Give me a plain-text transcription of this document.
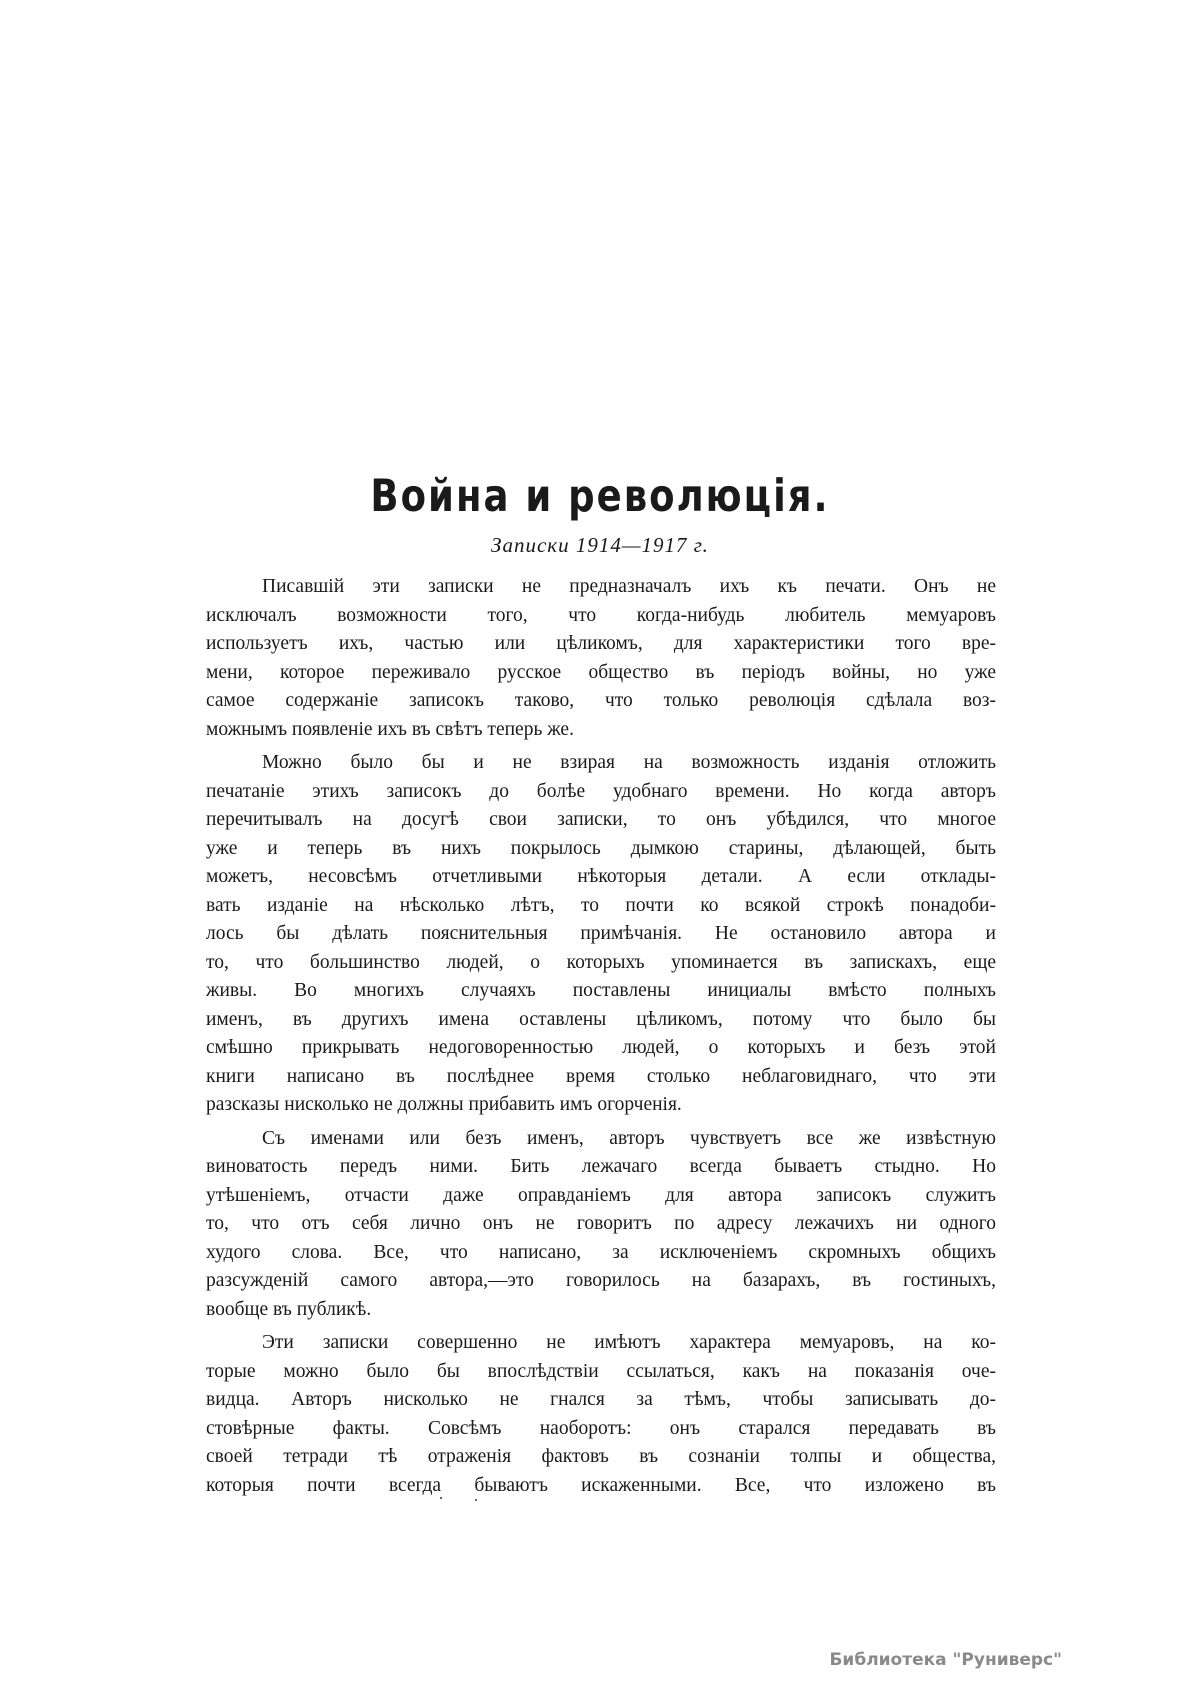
Война и революція.

Записки 1914—1917 г.

Писавшій эти записки не предназначалъ ихъ къ печати. Онъ не
исключалъ возможности того, что когда-нибудь любитель мемуаровъ
используетъ ихъ, частью или цѣликомъ, для характеристики того вре-
мени, которое переживало русское общество въ періодъ войны, но уже
самое содержаніе записокъ таково, что только революція сдѣлала воз-
можнымъ появленіе ихъ въ свѣтъ теперь же.

Можно было бы и не взирая на возможность изданія отложить
печатаніе этихъ записокъ до болѣе удобнаго времени. Но когда авторъ
перечитывалъ на досугѣ свои записки, то онъ убѣдился, что многое
уже и теперь въ нихъ покрылось дымкою старины, дѣлающей, быть
можетъ, несовсѣмъ отчетливыми нѣкоторыя детали. А если отклады-
вать изданіе на нѣсколько лѣтъ, то почти ко всякой строкѣ понадоби-
лось бы дѣлать пояснительныя примѣчанія. Не остановило автора и
то, что большинство людей, о которыхъ упоминается въ запискахъ, еще
живы. Во многихъ случаяхъ поставлены инициалы вмѣсто полныхъ
именъ, въ другихъ имена оставлены цѣликомъ, потому что было бы
смѣшно прикрывать недоговоренностью людей, о которыхъ и безъ этой
книги написано въ послѣднее время столько неблаговиднаго, что эти
разсказы нисколько не должны прибавить имъ огорченія.

Съ именами или безъ именъ, авторъ чувствуетъ все же извѣстную
виноватость передъ ними. Бить лежачаго всегда бываетъ стыдно. Но
утѣшеніемъ, отчасти даже оправданіемъ для автора записокъ служитъ
то, что отъ себя лично онъ не говоритъ по адресу лежачихъ ни одного
худого слова. Все, что написано, за исключеніемъ скромныхъ общихъ
разсужденій самого автора,—это говорилось на базарахъ, въ гостиныхъ,
вообще въ публикѣ.

Эти записки совершенно не имѣютъ характера мемуаровъ, на ко-
торые можно было бы впослѣдствіи ссылаться, какъ на показанія оче-
видца. Авторъ нисколько не гнался за тѣмъ, чтобы записывать до-
стовѣрные факты. Совсѣмъ наоборотъ: онъ старался передавать въ
своей тетради тѣ отраженія фактовъ въ сознаніи толпы и общества,
которыя почти всегда бываютъ искаженными. Все, что изложено въ

Библиотека "Руниверс"
